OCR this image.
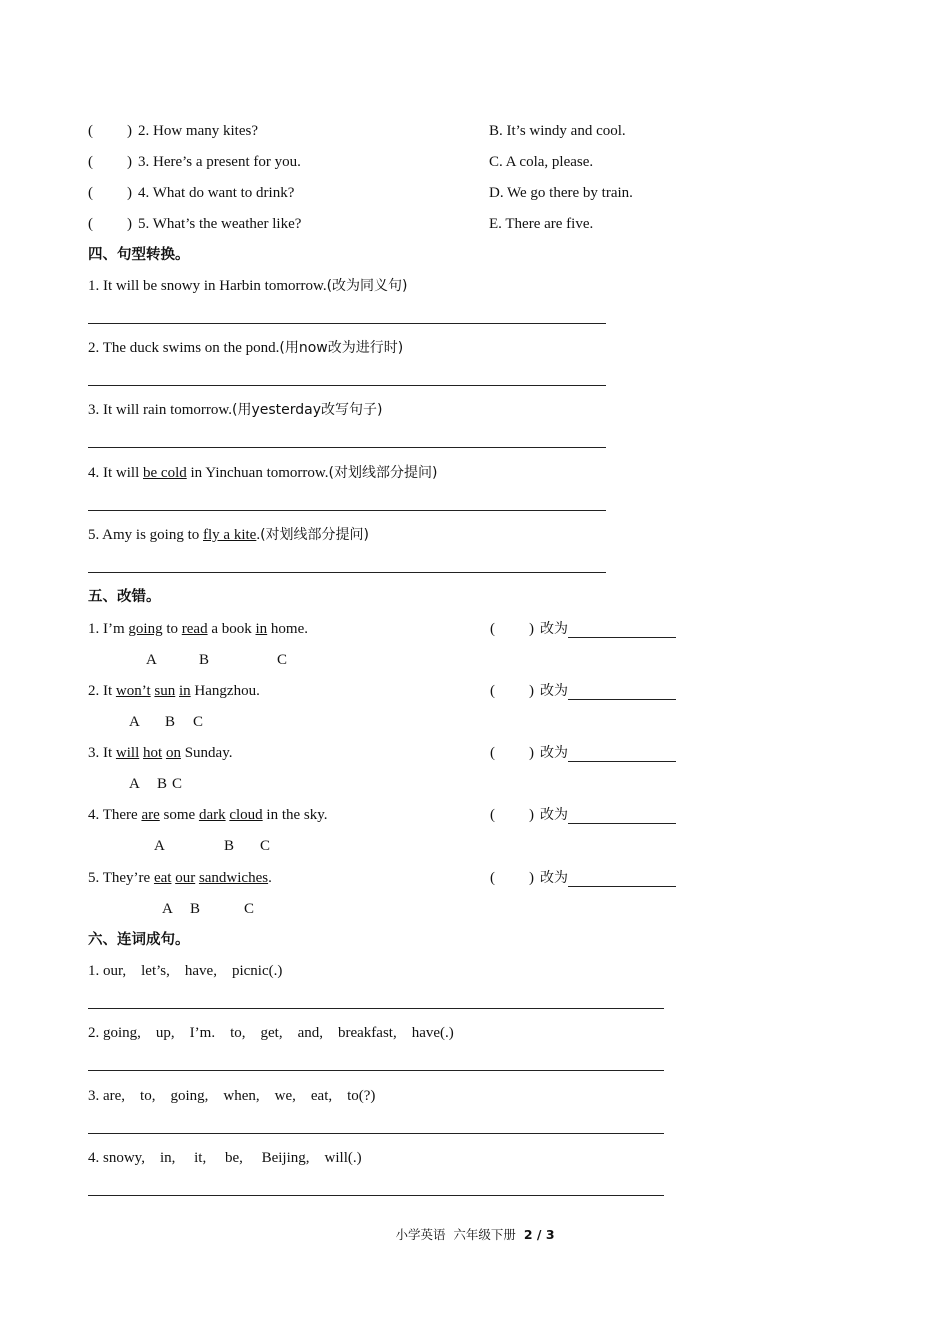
( ) 2. How many kites?	B. It’s windy and cool.
( ) 3. Here’s a present for you.	C. A cola, please.
( ) 4. What do want to drink?	D. We go there by train.
( ) 5. What’s the weather like?	E. There are five.
四、句型转换。
1. It will be snowy in Harbin tomorrow.(改为同义句)
2. The duck swims on the pond.(用now改为进行时)
3. It will rain tomorrow.(用yesterday改写句子)
4. It will be cold in Yinchuan tomorrow.(对划线部分提问)
5. Amy is going to fly a kite.(对划线部分提问)
五、改错。
1. I’m going to read a book in home.	( ) 改为
A	B	C
2. It won’t sun in Hangzhou.	( ) 改为
A B C
3. It will hot on Sunday.	( ) 改为
A B C
4. There are some dark cloud in the sky.	( ) 改为
A	B C
5. They’re eat our sandwiches.	( ) 改为
A B	C
六、连词成句。
1. our,    let’s,    have,    picnic(.)
2. going,    up,    I’m.    to,    get,    and,    breakfast,    have(.)
3. are,    to,    going,    when,    we,    eat,    to(?)
4. snowy,    in,     it,     be,     Beijing,    will(.)
小学英语  六年级下册  2 / 3
